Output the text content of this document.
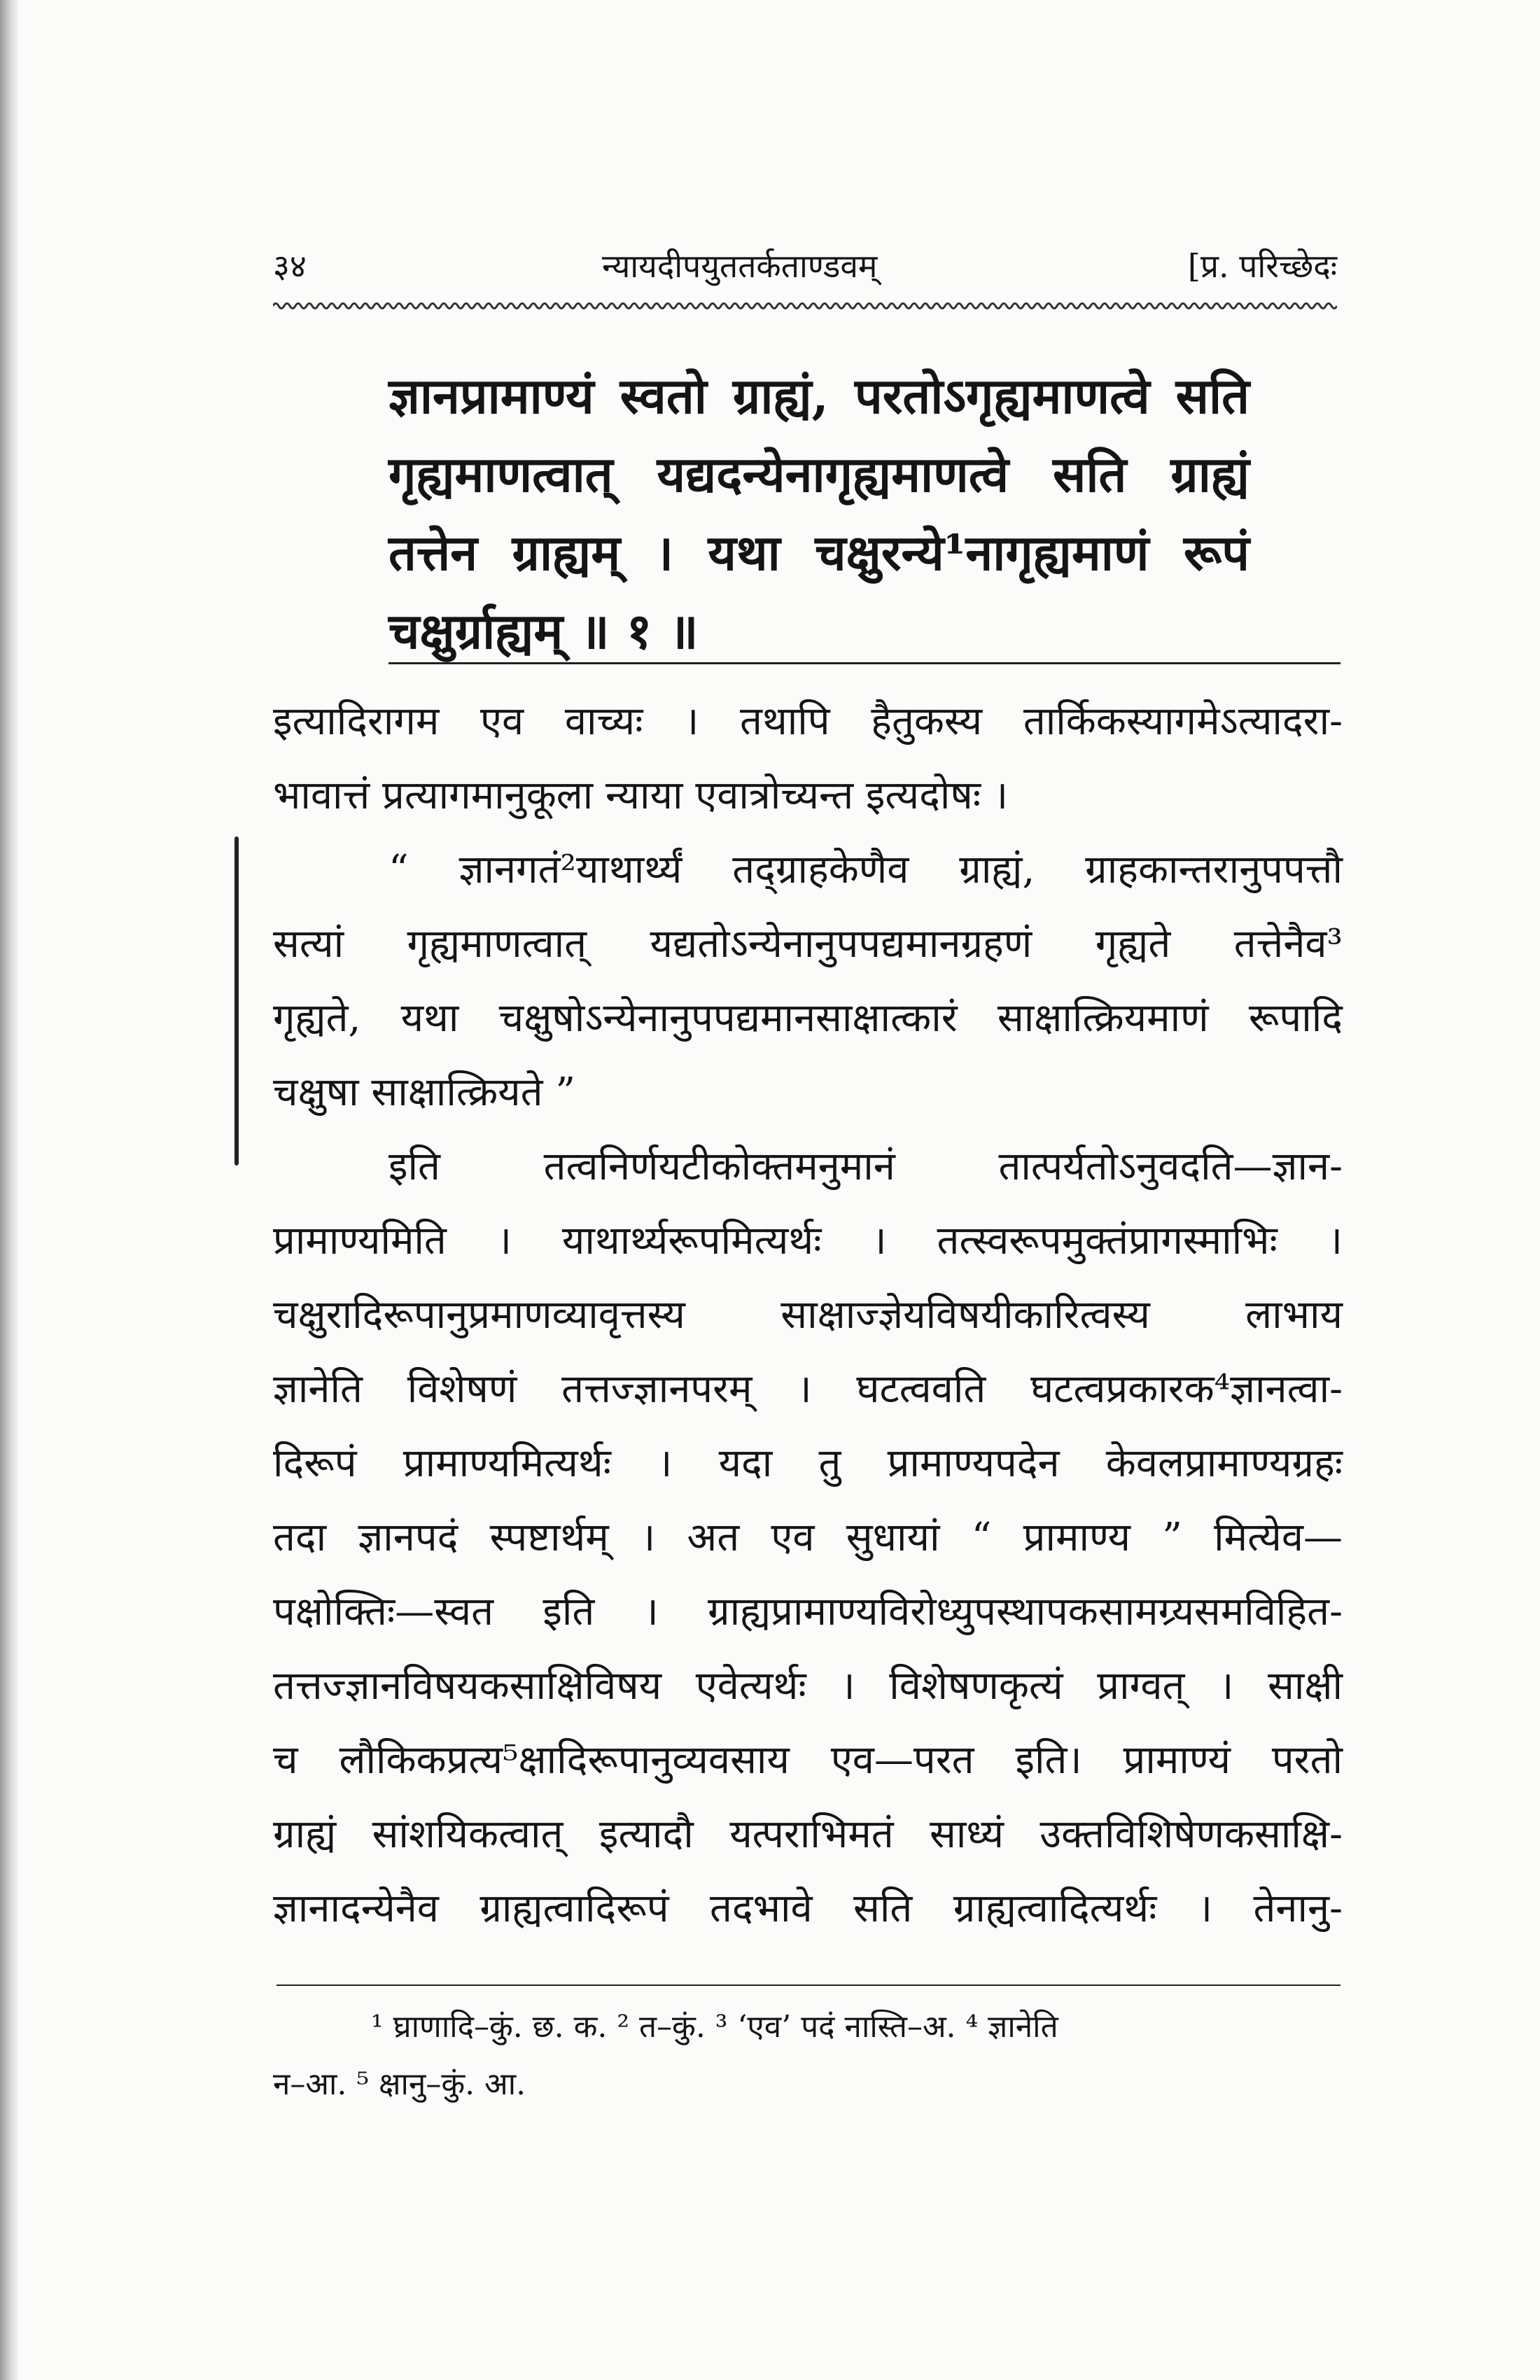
३४	न्यायदीपयुततर्कताण्डवम्	[प्र. परिच्छेदः

ज्ञानप्रामाण्यं स्वतो ग्राह्यं, परतोऽगृह्यमाणत्वे सति

गृह्यमाणत्वात् यद्यदन्येनागृह्यमाणत्वे सति ग्राह्यं

तत्तेन ग्राह्यम् । यथा चक्षुरन्ये¹नागृह्यमाणं रूपं

चक्षुर्ग्राह्यम् ॥ १ ॥

इत्यादिरागम एव वाच्यः । तथापि हैतुकस्य तार्किकस्यागमेऽत्यादरा-

भावात्तं प्रत्यागमानुकूला न्याया एवात्रोच्यन्त इत्यदोषः ।

“ ज्ञानगतं²याथार्थ्यं तद्ग्राहकेणैव ग्राह्यं, ग्राहकान्तरानुपपत्तौ

सत्यां गृह्यमाणत्वात् यद्यतोऽन्येनानुपपद्यमानग्रहणं गृह्यते तत्तेनैव³

गृह्यते, यथा चक्षुषोऽन्येनानुपपद्यमानसाक्षात्कारं साक्षात्क्रियमाणं रूपादि

चक्षुषा साक्षात्क्रियते ”

इति तत्वनिर्णयटीकोक्तमनुमानं तात्पर्यतोऽनुवदति—ज्ञान-

प्रामाण्यमिति । याथार्थ्यरूपमित्यर्थः । तत्स्वरूपमुक्तंप्रागस्माभिः ।

चक्षुरादिरूपानुप्रमाणव्यावृत्तस्य साक्षाज्ज्ञेयविषयीकारित्वस्य लाभाय

ज्ञानेति विशेषणं तत्तज्ज्ञानपरम् । घटत्ववति घटत्वप्रकारक⁴ज्ञानत्वा-

दिरूपं प्रामाण्यमित्यर्थः । यदा तु प्रामाण्यपदेन केवलप्रामाण्यग्रहः

तदा ज्ञानपदं स्पष्टार्थम् । अत एव सुधायां “ प्रामाण्य ” मित्येव—

पक्षोक्तिः—स्वत इति । ग्राह्यप्रामाण्यविरोध्युपस्थापकसामग्र्यसमविहित-

तत्तज्ज्ञानविषयकसाक्षिविषय एवेत्यर्थः । विशेषणकृत्यं प्राग्वत् । साक्षी

च लौकिकप्रत्य⁵क्षादिरूपानुव्यवसाय एव—परत इति। प्रामाण्यं परतो

ग्राह्यं सांशयिकत्वात् इत्यादौ यत्पराभिमतं साध्यं उक्तविशिषेणकसाक्षि-

ज्ञानादन्येनैव ग्राह्यत्वादिरूपं तदभावे सति ग्राह्यत्वादित्यर्थः । तेनानु-

¹ घ्राणादि–कुं. छ. क. ² त–कुं. ³ ‘एव’ पदं नास्ति–अ. ⁴ ज्ञानेति

न–आ. ⁵ क्षानु–कुं. आ.
